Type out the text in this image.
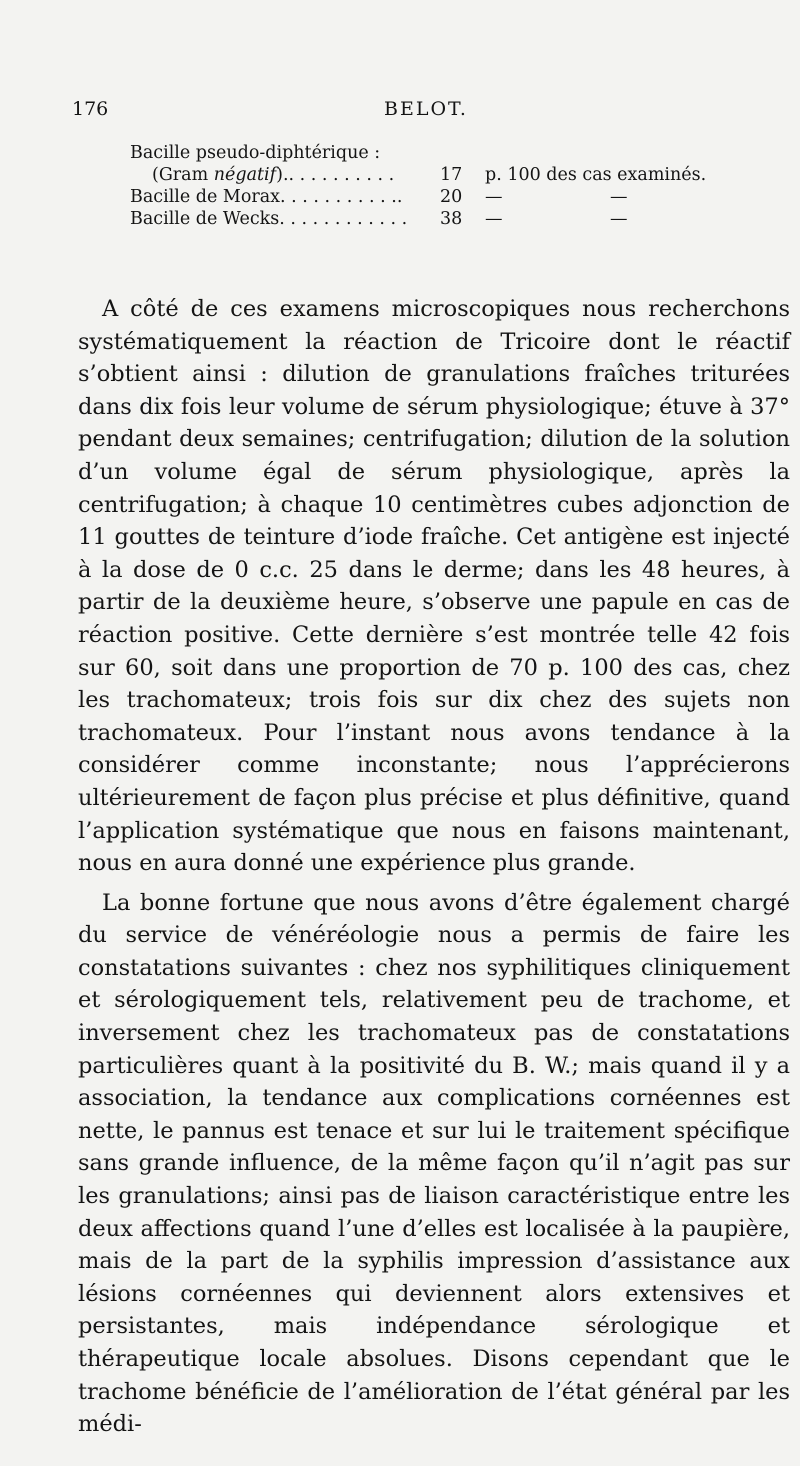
176	BELOT.
Bacille pseudo-diphtérique :
(Gram négatif).. . . . . . . . . .	17 p. 100 des cas examinés.
Bacille de Morax. . . . . . . . . . .. 20 —	—
Bacille de Wecks. . . . . . . . . . . . 38 —	—

A côté de ces examens microscopiques nous recherchons systématiquement la réaction de Tricoire dont le réactif s’obtient ainsi : dilution de granulations fraîches triturées dans dix fois leur volume de sérum physiologique; étuve à 37° pendant deux semaines; centrifugation; dilution de la solution d’un volume égal de sérum physiologique, après la centrifugation; à chaque 10 centimètres cubes adjonction de 11 gouttes de teinture d’iode fraîche. Cet antigène est injecté à la dose de 0 c.c. 25 dans le derme; dans les 48 heures, à partir de la deuxième heure, s’observe une papule en cas de réaction positive. Cette dernière s’est montrée telle 42 fois sur 60, soit dans une proportion de 70 p. 100 des cas, chez les trachomateux; trois fois sur dix chez des sujets non trachomateux. Pour l’instant nous avons tendance à la considérer comme inconstante; nous l’apprécierons ultérieurement de façon plus précise et plus définitive, quand l’application systématique que nous en faisons maintenant, nous en aura donné une expérience plus grande.

La bonne fortune que nous avons d’être également chargé du service de vénéréologie nous a permis de faire les constatations suivantes : chez nos syphilitiques cliniquement et sérologiquement tels, relativement peu de trachome, et inversement chez les trachomateux pas de constatations particulières quant à la positivité du B. W.; mais quand il y a association, la tendance aux complications cornéennes est nette, le pannus est tenace et sur lui le traitement spécifique sans grande influence, de la même façon qu’il n’agit pas sur les granulations; ainsi pas de liaison caractéristique entre les deux affections quand l’une d’elles est localisée à la paupière, mais de la part de la syphilis impression d’assistance aux lésions cornéennes qui deviennent alors extensives et persistantes, mais indépendance sérologique et thérapeutique locale absolues. Disons cependant que le trachome bénéficie de l’amélioration de l’état général par les médi-
